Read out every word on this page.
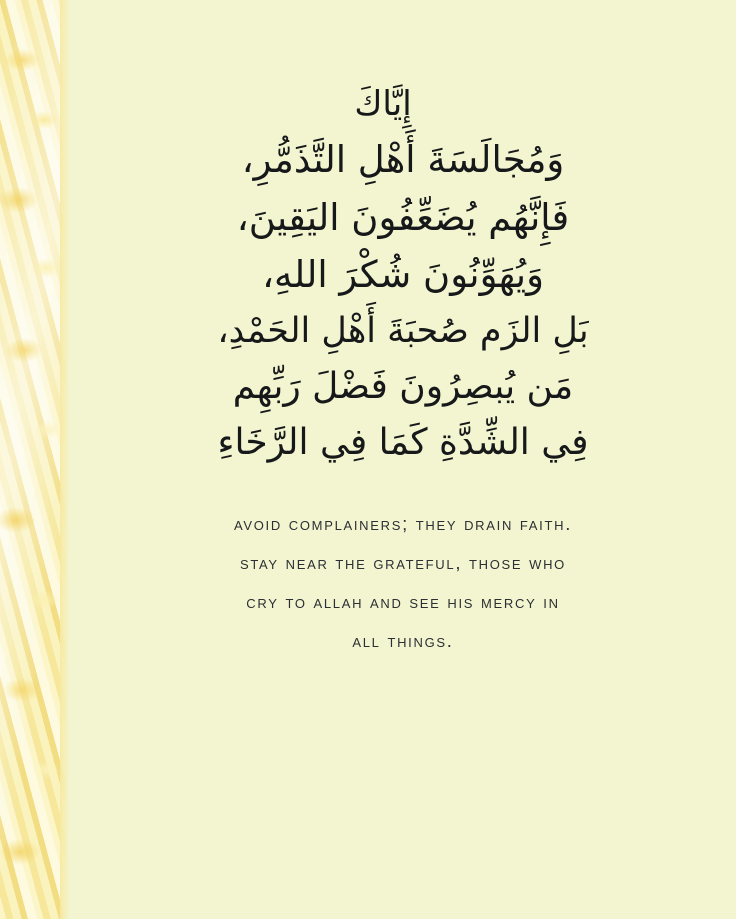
إِيَّاكَ
وَمُجَالَسَةَ أَهْلِ التَّذَمُّرِ،
فَإِنَّهُم يُضَعِّفُونَ اليَقِينَ،
وَيُهَوِّنُونَ شُكْرَ اللهِ،
بَلِ الزَم صُحبَةَ أَهْلِ الحَمْدِ،
مَن يُبصِرُونَ فَضْلَ رَبِّهِم
فِي الشِّدَّةِ كَمَا فِي الرَّخَاءِ
avoid complainers; they drain faith.
stay near the grateful, those who
cry to allah and see his mercy in
all things.
